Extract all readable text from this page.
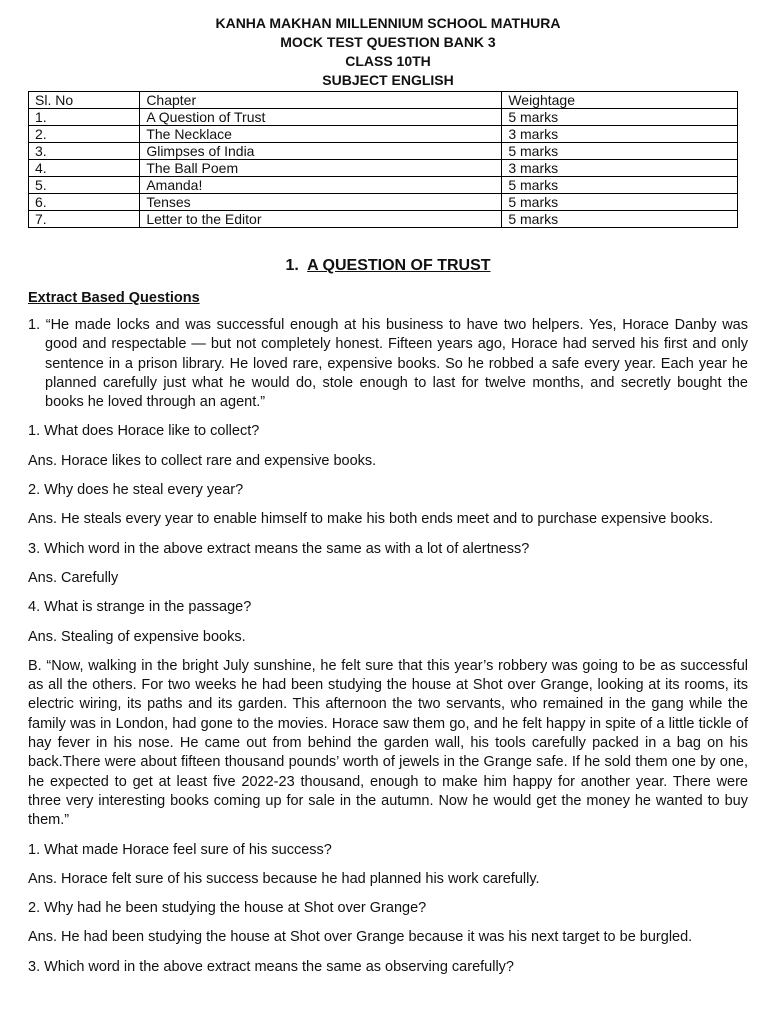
KANHA MAKHAN MILLENNIUM SCHOOL MATHURA
MOCK TEST QUESTION BANK 3
CLASS 10TH
SUBJECT ENGLISH
Sl. No	Chapter	Weightage
1.	A Question of Trust	5 marks
2.	The Necklace	3 marks
3.	Glimpses of India	5 marks
4.	The Ball Poem	3 marks
5.	Amanda!	5 marks
6.	Tenses	5 marks
7.	Letter to the Editor	5 marks
1. A QUESTION OF TRUST
Extract Based Questions

1. “He made locks and was successful enough at his business to have two helpers. Yes, Horace Danby was good and respectable — but not completely honest. Fifteen years ago, Horace had served his first and only sentence in a prison library. He loved rare, expensive books. So he robbed a safe every year. Each year he planned carefully just what he would do, stole enough to last for twelve months, and secretly bought the books he loved through an agent.”

1. What does Horace like to collect?

Ans. Horace likes to collect rare and expensive books.

2. Why does he steal every year?

Ans. He steals every year to enable himself to make his both ends meet and to purchase expensive books.

3. Which word in the above extract means the same as with a lot of alertness?

Ans. Carefully

4. What is strange in the passage?

Ans. Stealing of expensive books.

B. “Now, walking in the bright July sunshine, he felt sure that this year’s robbery was going to be as successful as all the others. For two weeks he had been studying the house at Shot over Grange, looking at its rooms, its electric wiring, its paths and its garden. This afternoon the two servants, who remained in the gang while the family was in London, had gone to the movies. Horace saw them go, and he felt happy in spite of a little tickle of hay fever in his nose. He came out from behind the garden wall, his tools carefully packed in a bag on his back.There were about fifteen thousand pounds’ worth of jewels in the Grange safe. If he sold them one by one, he expected to get at least five 2022-23 thousand, enough to make him happy for another year. There were three very interesting books coming up for sale in the autumn. Now he would get the money he wanted to buy them.”

1. What made Horace feel sure of his success?

Ans. Horace felt sure of his success because he had planned his work carefully.

2. Why had he been studying the house at Shot over Grange?

Ans. He had been studying the house at Shot over Grange because it was his next target to be burgled.

3. Which word in the above extract means the same as observing carefully?
